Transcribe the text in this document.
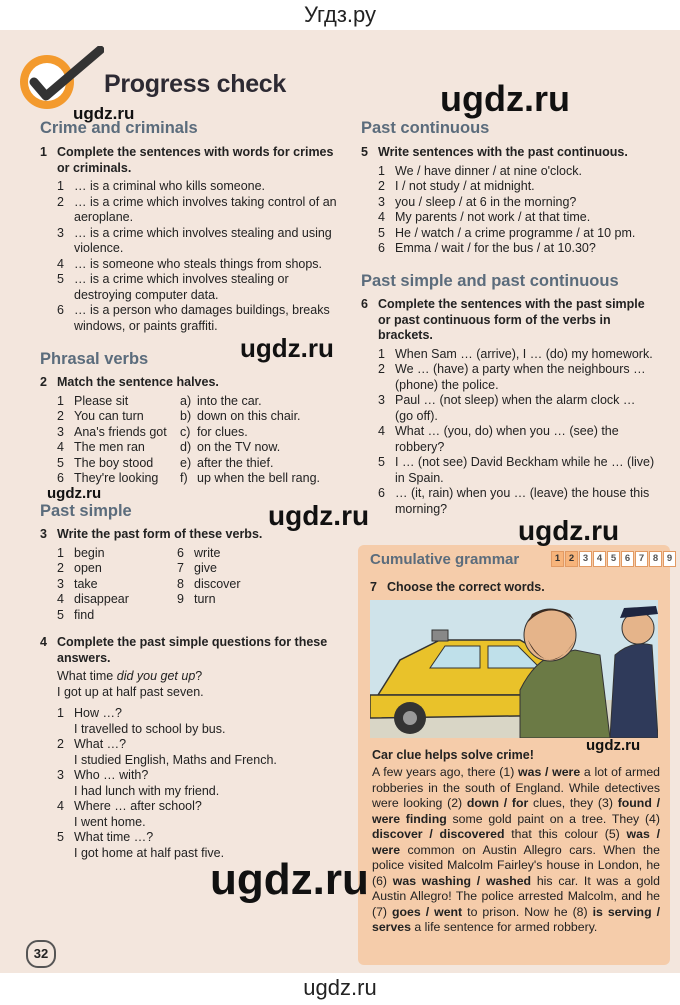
Угдз.ру
Progress check
Crime and criminals
1 Complete the sentences with words for crimes or criminals.
1 … is a criminal who kills someone.
2 … is a crime which involves taking control of an aeroplane.
3 … is a crime which involves stealing and using violence.
4 … is someone who steals things from shops.
5 … is a crime which involves stealing or destroying computer data.
6 … is a person who damages buildings, breaks windows, or paints graffiti.
Phrasal verbs
2 Match the sentence halves.
1 Please sit	a) into the car.
2 You can turn	b) down on this chair.
3 Ana's friends got c) for clues.
4 The men ran	d) on the TV now.
5 The boy stood e) after the thief.
6 They're looking f) up when the bell rang.
Past simple
3 Write the past form of these verbs.
1 begin	6 write
2 open	7 give
3 take	8 discover
4 disappear	9 turn
5 find
4 Complete the past simple questions for these answers.
What time did you get up?
I got up at half past seven.
1 How …?
I travelled to school by bus.
2 What …?
I studied English, Maths and French.
3 Who … with?
I had lunch with my friend.
4 Where … after school?
I went home.
5 What time …?
I got home at half past five.
Past continuous
5 Write sentences with the past continuous.
1 We / have dinner / at nine o'clock.
2 I / not study / at midnight.
3 you / sleep / at 6 in the morning?
4 My parents / not work / at that time.
5 He / watch / a crime programme / at 10 pm.
6 Emma / wait / for the bus / at 10.30?
Past simple and past continuous
6 Complete the sentences with the past simple or past continuous form of the verbs in brackets.
1 When Sam … (arrive), I … (do) my homework.
2 We … (have) a party when the neighbours … (phone) the police.
3 Paul … (not sleep) when the alarm clock … (go off).
4 What … (you, do) when you … (see) the robbery?
5 I … (not see) David Beckham while he … (live) in Spain.
6 … (it, rain) when you … (leave) the house this morning?
Cumulative grammar	1 2 3 4 5 6 7 8 9
7 Choose the correct words.
Car clue helps solve crime!
A few years ago, there (1) was / were a lot of armed robberies in the south of England. While detectives were looking (2) down / for clues, they (3) found / were finding some gold paint on a tree. They (4) discover / discovered that this colour (5) was / were common on Austin Allegro cars. When the police visited Malcolm Fairley's house in London, he (6) was washing / washed his car. It was a gold Austin Allegro! The police arrested Malcolm, and he (7) goes / went to prison. Now he (8) is serving / serves a life sentence for armed robbery.
32
ugdz.ru	ugdz.ru
ugdz.ru
ugdz.ru
ugdz.ru	ugdz.ru
ugdz.ru
ugdz.ru
ugdz.ru
